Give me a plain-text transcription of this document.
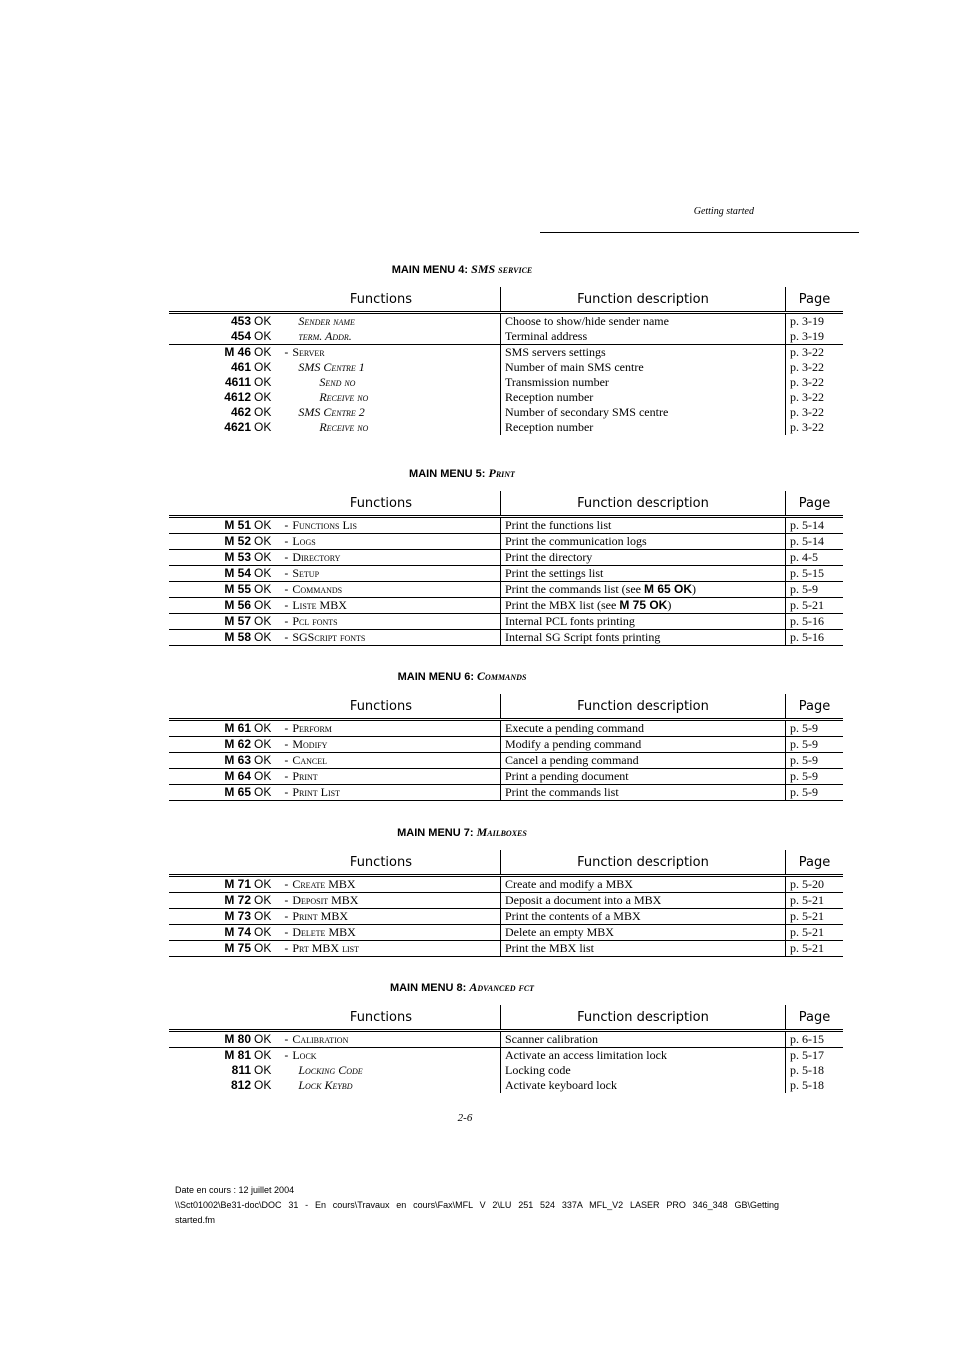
Getting started
MAIN MENU 4: SMS service
Functions	Function description	Page
453 OK Sender name	Choose to show/hide sender name	p. 3-19
454 OK term. Addr.	Terminal address	p. 3-19
M 46 OK - Server	SMS servers settings	p. 3-22
461 OK SMS Centre 1	Number of main SMS centre	p. 3-22
4611 OK Send no	Transmission number	p. 3-22
4612 OK Receive no	Reception number	p. 3-22
462 OK SMS Centre 2	Number of secondary SMS centre	p. 3-22
4621 OK Receive no	Reception number	p. 3-22
MAIN MENU 5: Print
Functions	Function description	Page
M 51 OK - Functions Lis	Print the functions list	p. 5-14
M 52 OK - Logs	Print the communication logs	p. 5-14
M 53 OK - Directory	Print the directory	p. 4-5
M 54 OK - Setup	Print the settings list	p. 5-15
M 55 OK - Commands	Print the commands list (see M 65 OK)	p. 5-9
M 56 OK - Liste MBX	Print the MBX list (see M 75 OK)	p. 5-21
M 57 OK - Pcl fonts	Internal PCL fonts printing	p. 5-16
M 58 OK - SGScript fonts	Internal SG Script fonts printing	p. 5-16
MAIN MENU 6: Commands
Functions	Function description	Page
M 61 OK - Perform	Execute a pending command	p. 5-9
M 62 OK - Modify	Modify a pending command	p. 5-9
M 63 OK - Cancel	Cancel a pending command	p. 5-9
M 64 OK - Print	Print a pending document	p. 5-9
M 65 OK - Print List	Print the commands list	p. 5-9
MAIN MENU 7: Mailboxes
Functions	Function description	Page
M 71 OK - Create MBX	Create and modify a MBX	p. 5-20
M 72 OK - Deposit MBX	Deposit a document into a MBX	p. 5-21
M 73 OK - Print MBX	Print the contents of a MBX	p. 5-21
M 74 OK - Delete MBX	Delete an empty MBX	p. 5-21
M 75 OK - Prt MBX list	Print the MBX list	p. 5-21
MAIN MENU 8: Advanced fct
Functions	Function description	Page
M 80 OK - Calibration	Scanner calibration	p. 6-15
M 81 OK - Lock	Activate an access limitation lock	p. 5-17
811 OK Locking Code	Locking code	p. 5-18
812 OK Lock Keybd	Activate keyboard lock	p. 5-18
2-6
Date en cours : 12 juillet 2004

\\Sct01002\Be31-doc\DOC 31 - En cours\Travaux en cours\Fax\MFL V 2\LU 251 524 337A MFL_V2 LASER PRO 346_348 GB\Getting
started.fm
